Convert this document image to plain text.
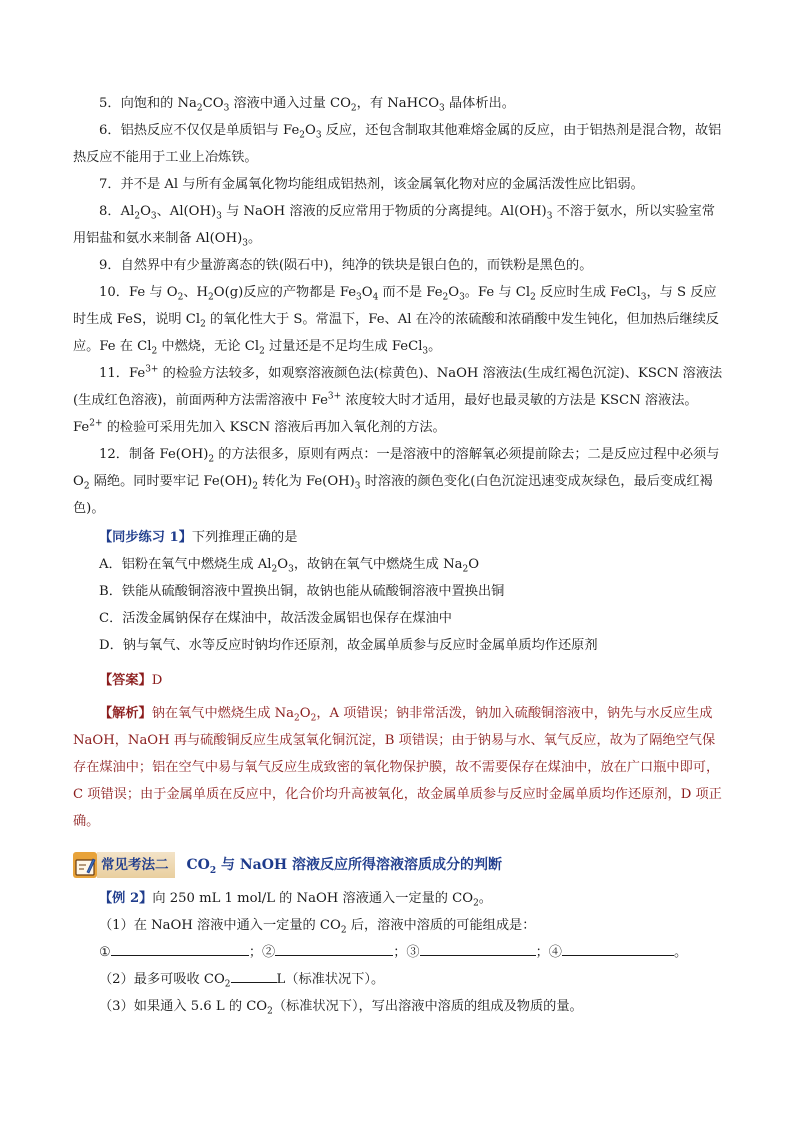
5．向饱和的 $Na_2CO_3$ 溶液中通入过量 $CO_2$，有 NaHCO$_3$ 晶体析出。

6．铝热反应不仅仅是单质铝与 $Fe_2O_3$ 反应，还包含制取其他难熔金属的反应，由于铝热剂是混合物，故铝热反应不能用于工业上冶炼铁。

7．并不是 Al 与所有金属氧化物均能组成铝热剂，该金属氧化物对应的金属活泼性应比铝弱。

8．$Al_2O_3$、$Al(OH)_3$ 与 NaOH 溶液的反应常用于物质的分离提纯。$Al(OH)_3$ 不溶于氨水，所以实验室常用铝盐和氨水来制备 $Al(OH)_3$。

9．自然界中有少量游离态的铁(陨石中)，纯净的铁块是银白色的，而铁粉是黑色的。

10．Fe 与 $O_2$、$H_2O(g)$反应的产物都是 $Fe_3O_4$ 而不是 $Fe_2O_3$。Fe 与 $Cl_2$ 反应时生成 FeCl$_3$，与 S 反应时生成 FeS，说明 $Cl_2$ 的氧化性大于 S。常温下，Fe、Al 在冷的浓硫酸和浓硝酸中发生钝化，但加热后继续反应。Fe 在 $Cl_2$ 中燃烧，无论 $Cl_2$ 过量还是不足均生成 FeCl$_3$。

11．$Fe^{3+}$ 的检验方法较多，如观察溶液颜色法(棕黄色)、NaOH 溶液法(生成红褐色沉淀)、KSCN 溶液法(生成红色溶液)，前面两种方法需溶液中 $Fe^{3+}$ 浓度较大时才适用，最好也最灵敏的方法是 KSCN 溶液法。$Fe^{2+}$ 的检验可采用先加入 KSCN 溶液后再加入氧化剂的方法。

12．制备 $Fe(OH)_2$ 的方法很多，原则有两点：一是溶液中的溶解氧必须提前除去；二是反应过程中必须与 $O_2$ 隔绝。同时要牢记 $Fe(OH)_2$ 转化为 $Fe(OH)_3$ 时溶液的颜色变化(白色沉淀迅速变成灰绿色，最后变成红褐色)。

【同步练习 1】下列推理正确的是

A．铝粉在氧气中燃烧生成 $Al_2O_3$，故钠在氧气中燃烧生成 $Na_2O$

B．铁能从硫酸铜溶液中置换出铜，故钠也能从硫酸铜溶液中置换出铜

C．活泼金属钠保存在煤油中，故活泼金属铝也保存在煤油中

D．钠与氧气、水等反应时钠均作还原剂，故金属单质参与反应时金属单质均作还原剂

【答案】D

【解析】钠在氧气中燃烧生成 $Na_2O_2$，A 项错误；钠非常活泼，钠加入硫酸铜溶液中，钠先与水反应生成 NaOH，NaOH 再与硫酸铜反应生成氢氧化铜沉淀，B 项错误；由于钠易与水、氧气反应，故为了隔绝空气保存在煤油中；铝在空气中易与氧气反应生成致密的氧化物保护膜，故不需要保存在煤油中，放在广口瓶中即可，C 项错误；由于金属单质在反应中，化合价均升高被氧化，故金属单质参与反应时金属单质均作还原剂，D 项正确。

常见考法二	$CO_2$ 与 NaOH 溶液反应所得溶液溶质成分的判断

【例 2】向 250 mL 1 mol/L 的 NaOH 溶液通入一定量的 $CO_2$。

（1）在 NaOH 溶液中通入一定量的 $CO_2$ 后，溶液中溶质的可能组成是：

①	；②	；③	；④	。

（2）最多可吸收 $CO_2$	L（标准状况下）。

（3）如果通入 5.6 L 的 $CO_2$（标准状况下），写出溶液中溶质的组成及物质的量。
